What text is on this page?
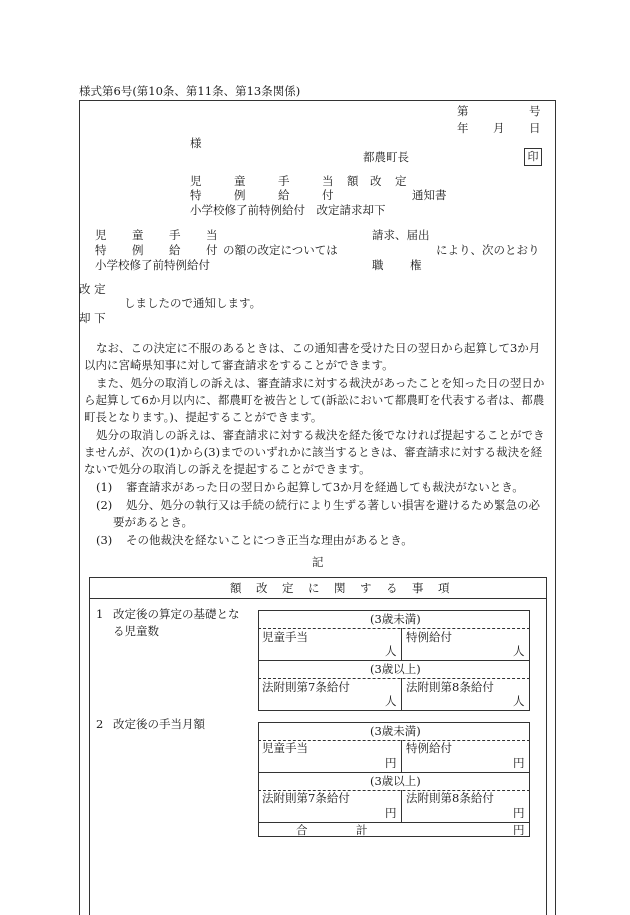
様式第6号(第10条、第11条、第13条関係)
第	号
年 月 日
様
都農町長	印
児	童	手	当 額 改 定
特	例	給	付	通知書
小学校修了前特例給付　改定請求却下
児 童 手 当	請求、届出
特 例 給 付 の額の改定については	により、次のとおり
小学校修了前特例給付	職 権
改 定
しましたので通知します。
却 下
なお、この決定に不服のあるときは、この通知書を受けた日の翌日から起算して3か月
以内に宮崎県知事に対して審査請求をすることができます。
また、処分の取消しの訴えは、審査請求に対する裁決があったことを知った日の翌日か
ら起算して6か月以内に、都農町を被告として(訴訟において都農町を代表する者は、都農
町長となります。)、提起することができます。
処分の取消しの訴えは、審査請求に対する裁決を経た後でなければ提起することができ
ませんが、次の(1)から(3)までのいずれかに該当するときは、審査請求に対する裁決を経
ないで処分の取消しの訴えを提起することができます。
(1) 審査請求があった日の翌日から起算して3か月を経過しても裁決がないとき。
(2) 処分、処分の執行又は手続の続行により生ずる著しい損害を避けるため緊急の必
要があるとき。
(3) その他裁決を経ないことにつき正当な理由があるとき。
記
額 改 定 に 関 す る 事 項
1 改定後の算定の基礎とな
る児童数
(3歳未満)
児童手当	特例給付
人	人
(3歳以上)
法附則第7条給付	法附則第8条給付
人	人
2 改定後の手当月額	(3歳未満)
児童手当	特例給付
円	円
(3歳以上)
法附則第7条給付	法附則第8条給付
円	円
合	計	円
